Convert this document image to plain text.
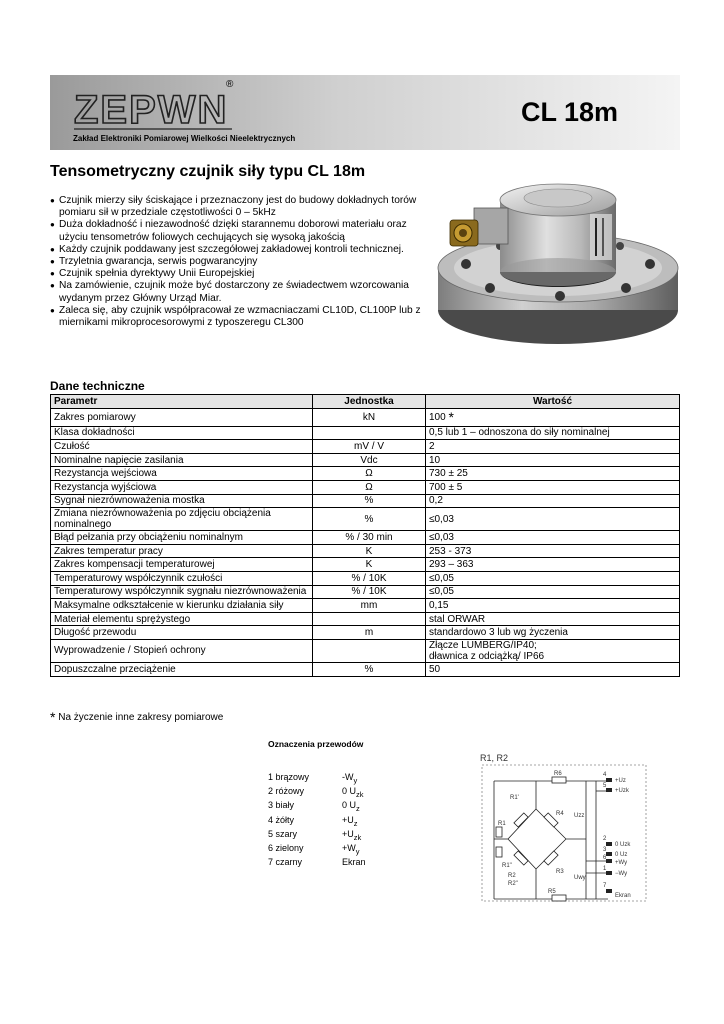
ZEPWN
®
Zakład Elektroniki Pomiarowej Wielkości Nieelektrycznych
CL 18m
Tensometryczny czujnik siły typu CL 18m
● Czujnik mierzy siły ściskające i przeznaczony jest do budowy dokładnych torów pomiaru sił w przedziale częstotliwości 0 – 5kHz
● Duża dokładność i niezawodność dzięki starannemu doborowi materiału oraz użyciu tensometrów foliowych cechujących się wysoką jakością
● Każdy czujnik poddawany jest szczegółowej zakładowej kontroli technicznej.
● Trzyletnia gwarancja, serwis pogwarancyjny
● Czujnik spełnia dyrektywy Unii Europejskiej
● Na zamówienie, czujnik może być dostarczony ze świadectwem wzorcowania wydanym przez Główny Urząd Miar.
● Zaleca się, aby czujnik współpracował ze wzmacniaczami CL10D, CL100P lub z miernikami mikroprocesorowymi z typoszeregu CL300
Dane techniczne
Parametr	Jednostka	Wartość
Zakres pomiarowy	kN	100 *
Klasa dokładności		0,5 lub 1 – odnoszona do siły nominalnej
Czułość	mV / V	2
Nominalne napięcie zasilania	Vdc	10
Rezystancja wejściowa	Ω	730 ± 25
Rezystancja wyjściowa	Ω	700 ± 5
Sygnał niezrównoważenia mostka	%	0,2
Zmiana niezrównoważenia po zdjęciu obciążenia nominalnego	%	≤0,03
Błąd pełzania przy obciążeniu nominalnym	% / 30 min	≤0,03
Zakres temperatur pracy	K	253 - 373
Zakres kompensacji temperaturowej	K	293 – 363
Temperaturowy współczynnik czułości	% / 10K	≤0,05
Temperaturowy współczynnik sygnału niezrównoważenia	% / 10K	≤0,05
Maksymalne odkształcenie w kierunku działania siły	mm	0,15
Materiał elementu sprężystego		stal ORWAR
Długość przewodu	m	standardowo 3 lub wg życzenia
Wyprowadzenie / Stopień ochrony		Złącze LUMBERG/IP40;
dławnica z odciążką/ IP66
Dopuszczalne przeciążenie	%	50
* Na życzenie inne zakresy pomiarowe
Oznaczenia przewodów
1 brązowy	$-W_y$
2 różowy	0 $U_{zk}$
3 biały	0 $U_z$
4 żółty	$+U_z$
5 szary	$+U_{zk}$
6 zielony	$+W_y$
7 czarny	Ekran
R1, R2
R1'
R1
R1"
R2
R2"
R3
R4
R6
R5
Uzz
Uwy
4
5
2
3
6
1
7
+Uz
+Uzk
0 Uzk
0 Uz
+Wy
−Wy
Ekran
